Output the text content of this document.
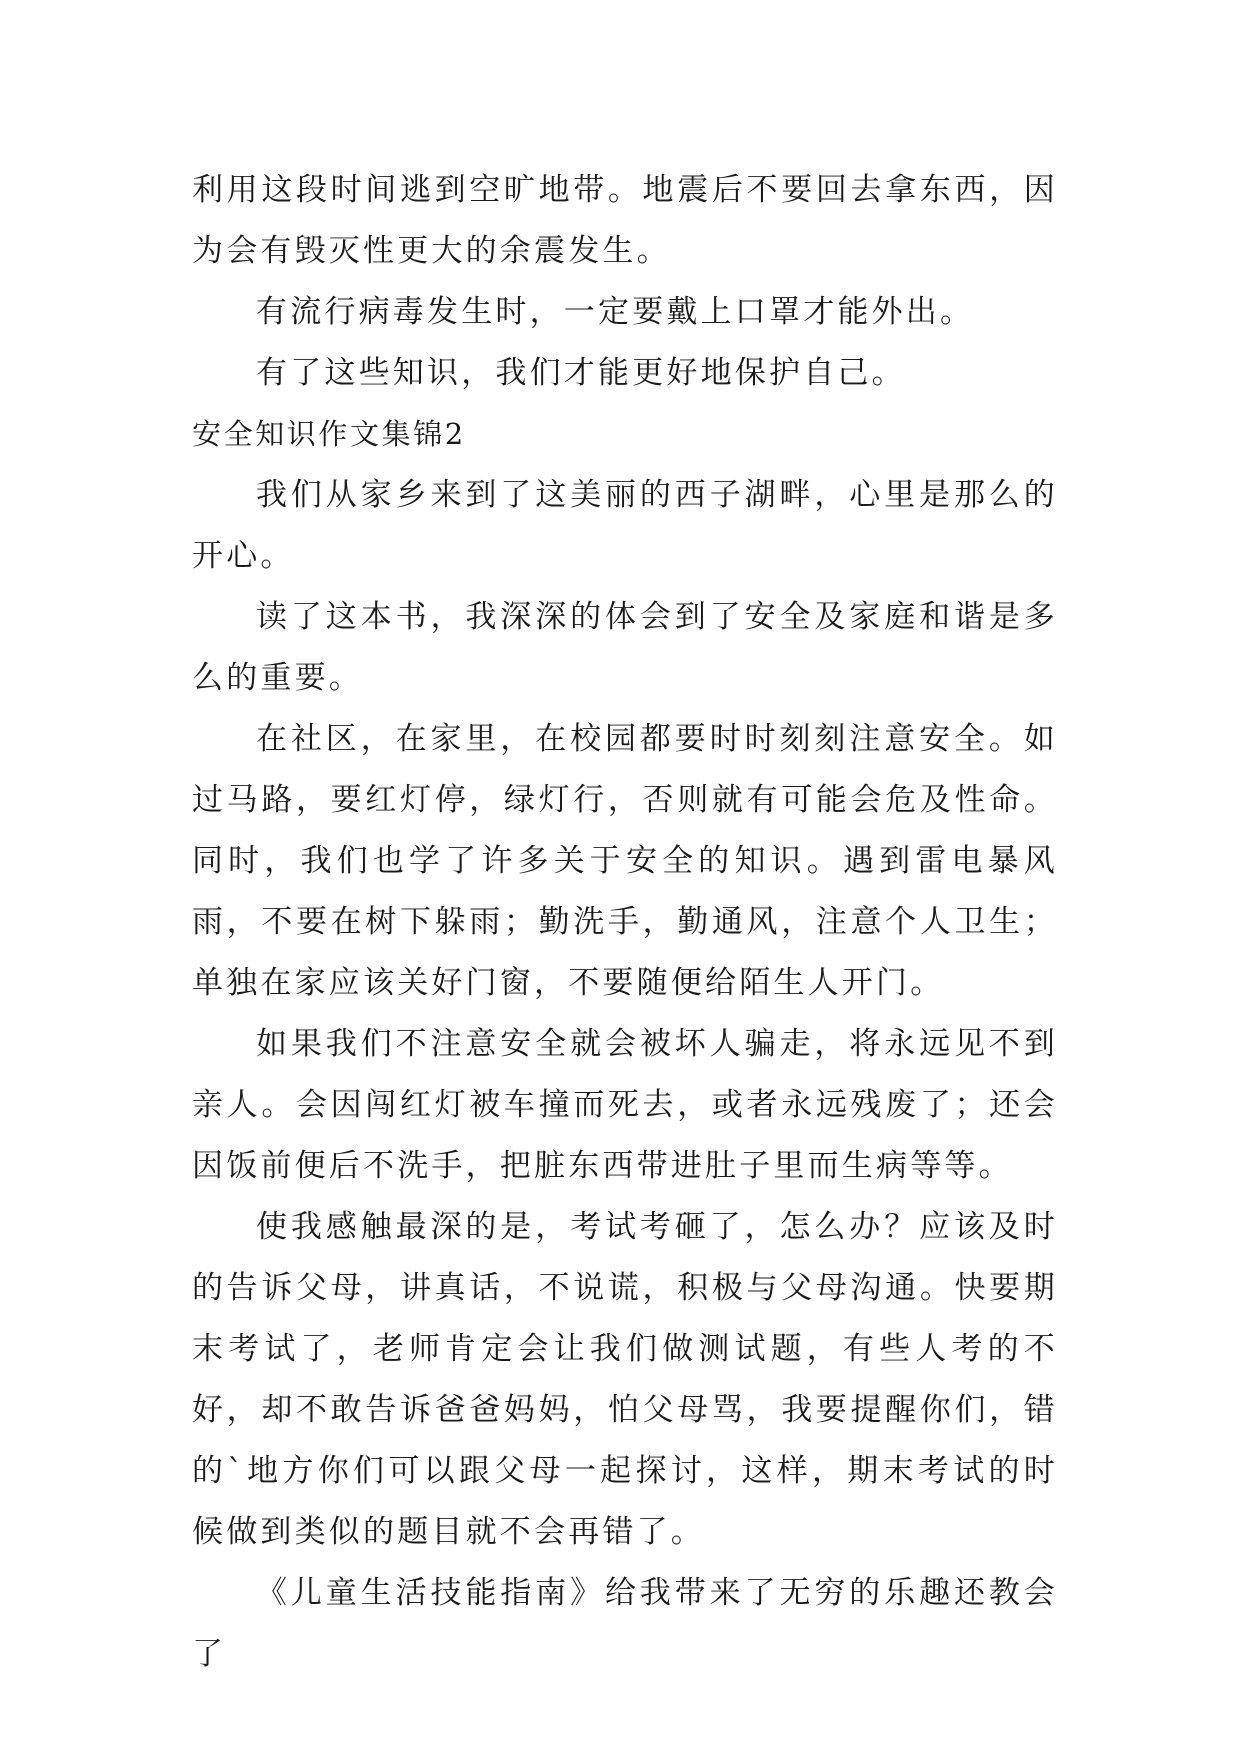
利用这段时间逃到空旷地带。地震后不要回去拿东西，因为会有毁灭性更大的余震发生。

有流行病毒发生时，一定要戴上口罩才能外出。

有了这些知识，我们才能更好地保护自己。

安全知识作文集锦2

我们从家乡来到了这美丽的西子湖畔，心里是那么的开心。

读了这本书，我深深的体会到了安全及家庭和谐是多么的重要。

在社区，在家里，在校园都要时时刻刻注意安全。如过马路，要红灯停，绿灯行，否则就有可能会危及性命。同时，我们也学了许多关于安全的知识。遇到雷电暴风雨，不要在树下躲雨；勤洗手，勤通风，注意个人卫生；单独在家应该关好门窗，不要随便给陌生人开门。

如果我们不注意安全就会被坏人骗走，将永远见不到亲人。会因闯红灯被车撞而死去，或者永远残废了；还会因饭前便后不洗手，把脏东西带进肚子里而生病等等。

使我感触最深的是，考试考砸了，怎么办？应该及时的告诉父母，讲真话，不说谎，积极与父母沟通。快要期末考试了，老师肯定会让我们做测试题，有些人考的不好，却不敢告诉爸爸妈妈，怕父母骂，我要提醒你们，错的`地方你们可以跟父母一起探讨，这样，期末考试的时候做到类似的题目就不会再错了。

《儿童生活技能指南》给我带来了无穷的乐趣还教会了
